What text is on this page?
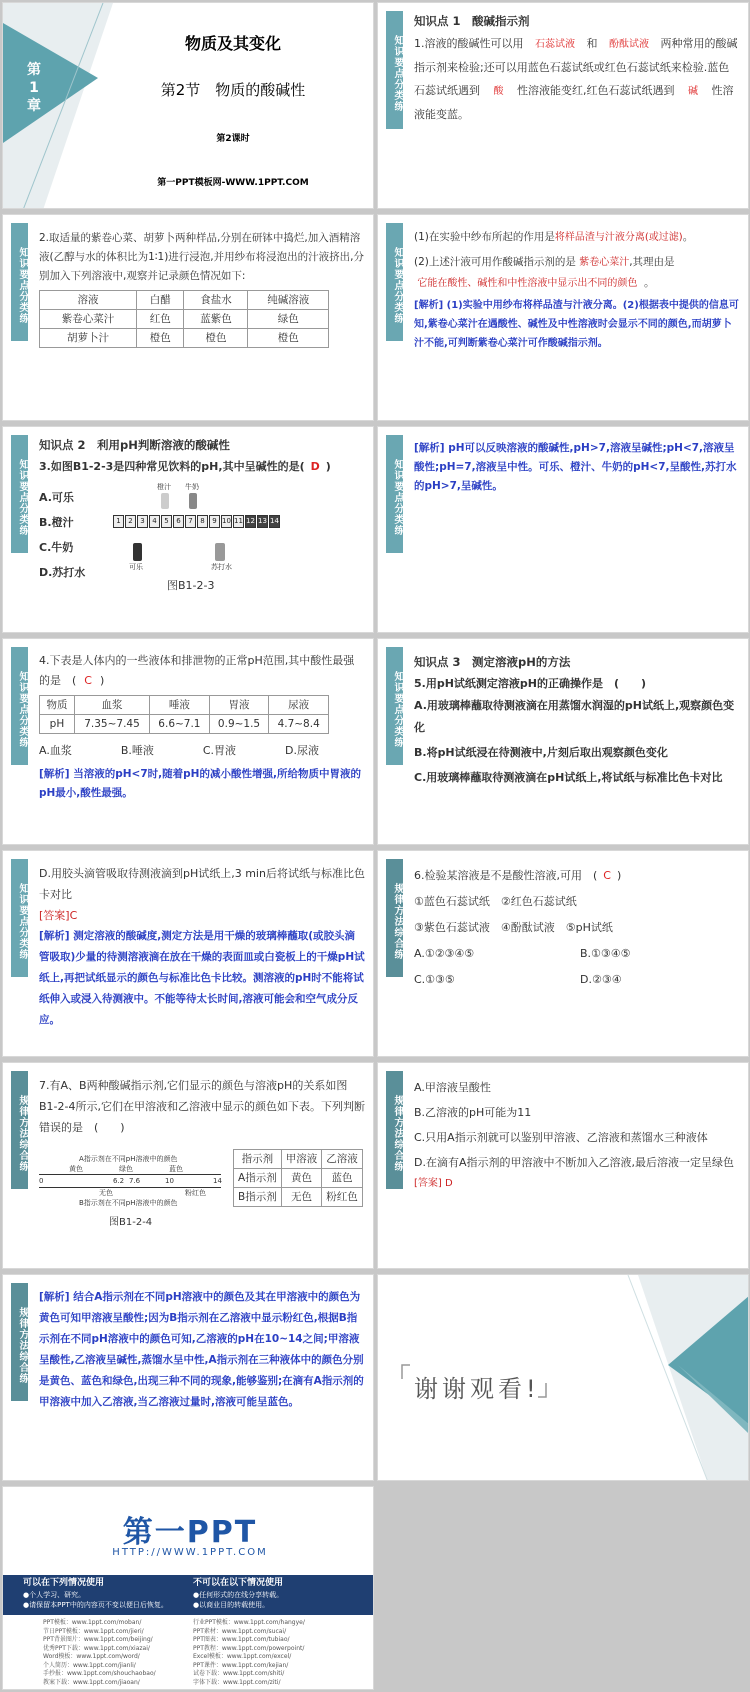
第
1
章
物质及其变化
第2节　物质的酸碱性
第2课时
第一PPT模板网-WWW.1PPT.COM
知识要点分类练
知识点 1　酸碱指示剂
1.溶液的酸碱性可以用 石蕊试液 和 酚酞试液 两种常用的酸碱指示剂来检验;还可以用蓝色石蕊试纸或红色石蕊试纸来检验.蓝色石蕊试纸遇到 酸 性溶液能变红,红色石蕊试纸遇到 碱 性溶液能变蓝。
知识要点分类练
2.取适量的紫卷心菜、胡萝卜两种样品,分别在研钵中捣烂,加入酒精溶液(乙醇与水的体积比为1∶1)进行浸泡,并用纱布将浸泡出的汁液挤出,分别加入下列溶液中,观察并记录颜色情况如下:
溶液	白醋	食盐水	纯碱溶液
紫卷心菜汁	红色	蓝紫色	绿色
胡萝卜汁	橙色	橙色	橙色
知识要点分类练
(1)在实验中纱布所起的作用是将样品渣与汁液分离(或过滤)。
(2)上述汁液可用作酸碱指示剂的是 紫卷心菜汁,其理由是
它能在酸性、碱性和中性溶液中显示出不同的颜色 。
[解析] (1)实验中用纱布将样品渣与汁液分离。(2)根据表中提供的信息可知,紫卷心菜汁在遇酸性、碱性及中性溶液时会显示不同的颜色,而胡萝卜汁不能,可判断紫卷心菜汁可作酸碱指示剂。
知识要点分类练
知识点 2　利用pH判断溶液的酸碱性
3.如图B1-2-3是四种常见饮料的pH,其中呈碱性的是( D )
A.可乐
B.橙汁
C.牛奶
D.苏打水
橙汁 牛奶
1	2	3	4	5	6	7	8	9 10 11 12 13 14
可乐	苏打水
图B1-2-3
知识要点分类练
[解析] pH可以反映溶液的酸碱性,pH>7,溶液呈碱性;pH<7,溶液呈酸性;pH=7,溶液呈中性。可乐、橙汁、牛奶的pH<7,呈酸性,苏打水的pH>7,呈碱性。
知识要点分类练
4.下表是人体内的一些液体和排泄物的正常pH范围,其中酸性最强的是　( C )
物质	血浆	唾液	胃液	尿液
pH	7.35~7.45	6.6~7.1	0.9~1.5	4.7~8.4
A.血浆	B.唾液	C.胃液	D.尿液
[解析] 当溶液的pH<7时,随着pH的减小酸性增强,所给物质中胃液的pH最小,酸性最强。
知识要点分类练
知识点 3　测定溶液pH的方法
5.用pH试纸测定溶液pH的正确操作是　(　　)
A.用玻璃棒蘸取待测液滴在用蒸馏水润湿的pH试纸上,观察颜色变化
B.将pH试纸浸在待测液中,片刻后取出观察颜色变化
C.用玻璃棒蘸取待测液滴在pH试纸上,将试纸与标准比色卡对比
知识要点分类练
D.用胶头滴管吸取待测液滴到pH试纸上,3 min后将试纸与标准比色卡对比
[答案]C
[解析] 测定溶液的酸碱度,测定方法是用干燥的玻璃棒蘸取(或胶头滴管吸取)少量的待测溶液滴在放在干燥的表面皿或白瓷板上的干燥pH试纸上,再把试纸显示的颜色与标准比色卡比较。测溶液的pH时不能将试纸伸入或浸入待测液中。不能等待太长时间,溶液可能会和空气成分反应。
规律方法综合练
6.检验某溶液是不是酸性溶液,可用　( C )
①蓝色石蕊试纸　②红色石蕊试纸
③紫色石蕊试液　④酚酞试液　⑤pH试纸
A.①②③④⑤	B.①③④⑤
C.①③⑤	D.②③④
规律方法综合练
7.有A、B两种酸碱指示剂,它们显示的颜色与溶液pH的关系如图B1-2-4所示,它们在甲溶液和乙溶液中显示的颜色如下表。下列判断错误的是　(　　)
A指示剂在不同pH溶液中的颜色
黄色	绿色	蓝色
0	6.2 7.6	10	14
无色	粉红色
B指示剂在不同pH溶液中的颜色
图B1-2-4
指示剂	甲溶液	乙溶液
A指示剂	黄色	蓝色
B指示剂	无色	粉红色
规律方法综合练
A.甲溶液呈酸性
B.乙溶液的pH可能为11
C.只用A指示剂就可以鉴别甲溶液、乙溶液和蒸馏水三种液体
D.在滴有A指示剂的甲溶液中不断加入乙溶液,最后溶液一定呈绿色
[答案] D
规律方法综合练
[解析] 结合A指示剂在不同pH溶液中的颜色及其在甲溶液中的颜色为黄色可知甲溶液呈酸性;因为B指示剂在乙溶液中显示粉红色,根据B指示剂在不同pH溶液中的颜色可知,乙溶液的pH在10~14之间;甲溶液呈酸性,乙溶液呈碱性,蒸馏水呈中性,A指示剂在三种液体中的颜色分别是黄色、蓝色和绿色,出现三种不同的现象,能够鉴别;在滴有A指示剂的甲溶液中加入乙溶液,当乙溶液过量时,溶液可能呈蓝色。	谢谢观看!
第一PPT
HTTP://WWW.1PPT.COM
可以在下列情况使用
●个人学习、研究。
●请保留本PPT中的内容页不变以便日后恢复。
不可以在以下情况使用
●任何形式的在线分享转载。
●以商业目的转载使用。
PPT模板：www.1ppt.com/moban/
节日PPT模板：www.1ppt.com/jieri/
PPT背景图片：www.1ppt.com/beijing/
优秀PPT下载：www.1ppt.com/xiazai/
Word模板：www.1ppt.com/word/
个人简历：www.1ppt.com/jianli/
手抄报：www.1ppt.com/shouchaobao/
教案下载：www.1ppt.com/jiaoan/
行业PPT模板：www.1ppt.com/hangye/
PPT素材：www.1ppt.com/sucai/
PPT图表：www.1ppt.com/tubiao/
PPT教程：www.1ppt.com/powerpoint/
Excel模板：www.1ppt.com/excel/
PPT课件：www.1ppt.com/kejian/
试卷下载：www.1ppt.com/shiti/
字体下载：www.1ppt.com/ziti/
